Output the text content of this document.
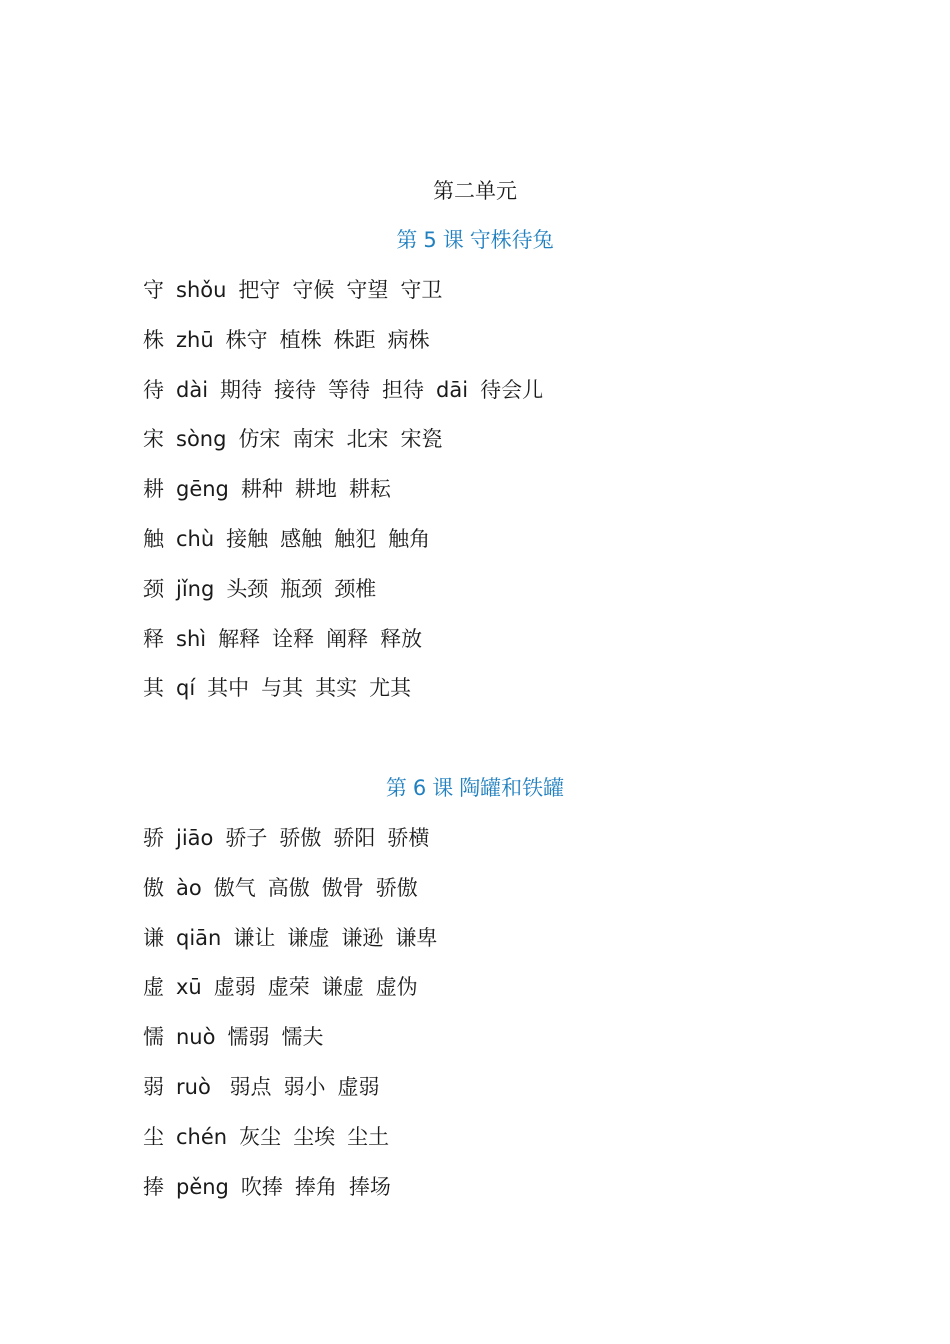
第二单元
第 5 课 守株待兔
守 shǒu 把守 守候 守望 守卫
株 zhū 株守 植株 株距 病株
待 dài 期待 接待 等待 担待 dāi 待会儿
宋 sòng 仿宋 南宋 北宋 宋瓷
耕 gēng 耕种 耕地 耕耘
触 chù 接触 感触 触犯 触角
颈 jǐng 头颈 瓶颈 颈椎
释 shì 解释 诠释 阐释 释放
其 qí 其中 与其 其实 尤其
第 6 课 陶罐和铁罐
骄 jiāo 骄子 骄傲 骄阳 骄横
傲 ào 傲气 高傲 傲骨 骄傲
谦 qiān 谦让 谦虚 谦逊 谦卑
虚 xū 虚弱 虚荣 谦虚 虚伪
懦 nuò 懦弱 懦夫
弱 ruò 弱点 弱小 虚弱
尘 chén 灰尘 尘埃 尘土
捧 pěng 吹捧 捧角 捧场
